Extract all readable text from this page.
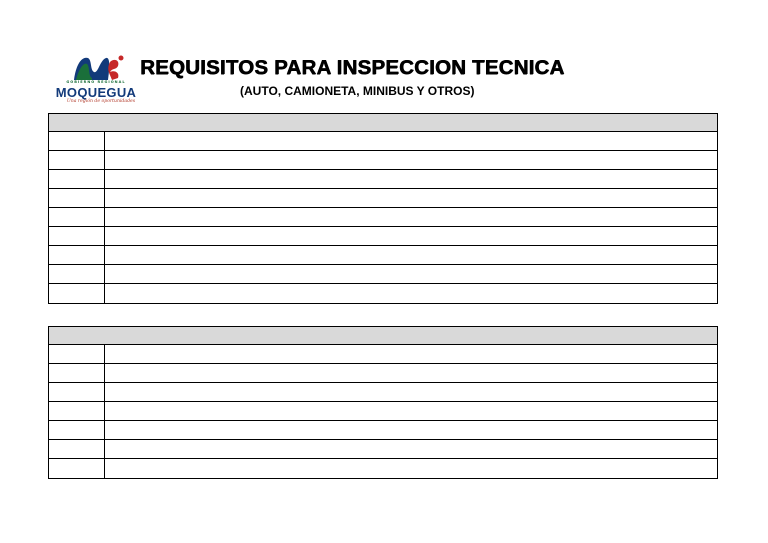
GOBIERNO REGIONAL
MOQUEGUA
Una región de oportunidades
REQUISITOS PARA INSPECCION TECNICA
(AUTO, CAMIONETA, MINIBUS Y OTROS)
